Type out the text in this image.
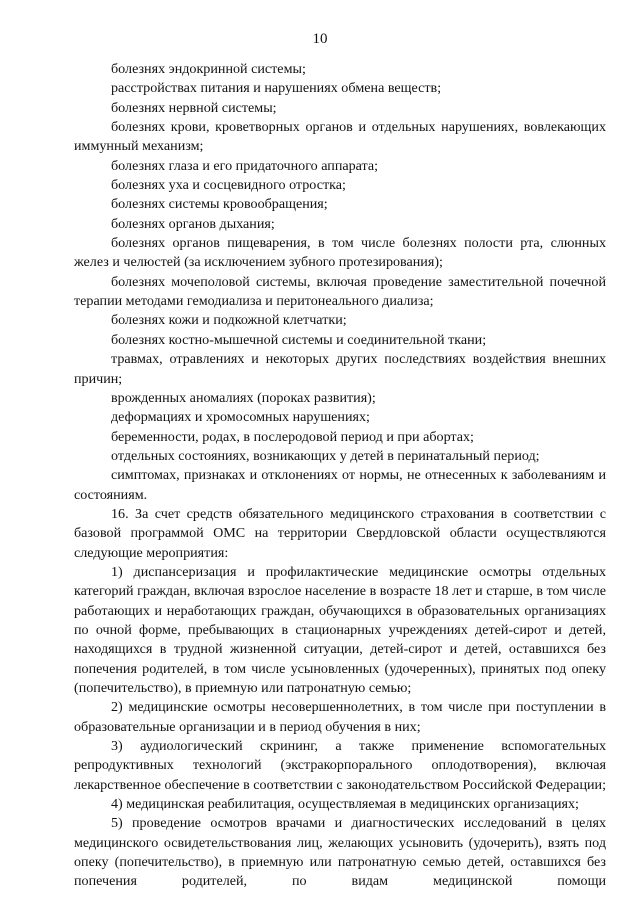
10

болезнях эндокринной системы;

расстройствах питания и нарушениях обмена веществ;

болезнях нервной системы;

болезнях крови, кроветворных органов и отдельных нарушениях, вовлекающих иммунный механизм;

болезнях глаза и его придаточного аппарата;

болезнях уха и сосцевидного отростка;

болезнях системы кровообращения;

болезнях органов дыхания;

болезнях органов пищеварения, в том числе болезнях полости рта, слюнных желез и челюстей (за исключением зубного протезирования);

болезнях мочеполовой системы, включая проведение заместительной почечной терапии методами гемодиализа и перитонеального диализа;

болезнях кожи и подкожной клетчатки;

болезнях костно-мышечной системы и соединительной ткани;

травмах, отравлениях и некоторых других последствиях воздействия внешних причин;

врожденных аномалиях (пороках развития);

деформациях и хромосомных нарушениях;

беременности, родах, в послеродовой период и при абортах;

отдельных состояниях, возникающих у детей в перинатальный период;

симптомах, признаках и отклонениях от нормы, не отнесенных к заболеваниям и состояниям.

16. За счет средств обязательного медицинского страхования в соответствии с базовой программой ОМС на территории Свердловской области осуществляются следующие мероприятия:

1) диспансеризация и профилактические медицинские осмотры отдельных категорий граждан, включая взрослое население в возрасте 18 лет и старше, в том числе работающих и неработающих граждан, обучающихся в образовательных организациях по очной форме, пребывающих в стационарных учреждениях детей-сирот и детей, находящихся в трудной жизненной ситуации, детей-сирот и детей, оставшихся без попечения родителей, в том числе усыновленных (удочеренных), принятых под опеку (попечительство), в приемную или патронатную семью;

2) медицинские осмотры несовершеннолетних, в том числе при поступлении в образовательные организации и в период обучения в них;

3) аудиологический скрининг, а также применение вспомогательных репродуктивных технологий (экстракорпорального оплодотворения), включая лекарственное обеспечение в соответствии с законодательством Российской Федерации;

4) медицинская реабилитация, осуществляемая в медицинских организациях;

5) проведение осмотров врачами и диагностических исследований в целях медицинского освидетельствования лиц, желающих усыновить (удочерить), взять под опеку (попечительство), в приемную или патронатную семью детей, оставшихся без попечения родителей, по видам медицинской помощи
